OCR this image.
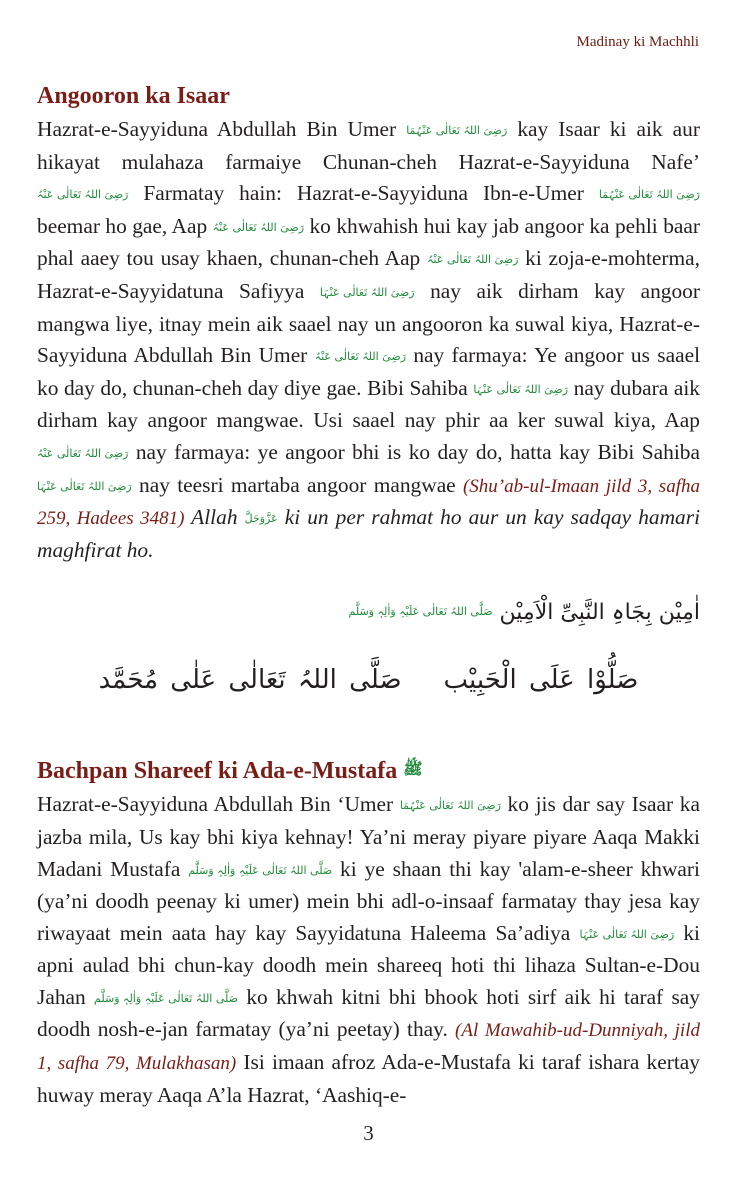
Madinay ki Machhli
Angooron ka Isaar

Hazrat-e-Sayyiduna Abdullah Bin Umer رَضِیَ اللہُ تَعَالٰی عَنْہُمَا kay Isaar ki aik aur hikayat mulahaza farmaiye Chunan-cheh Hazrat-e-Sayyiduna Nafe’ رَضِیَ اللہُ تَعَالٰی عَنْہُ Farmatay hain: Hazrat-e-Sayyiduna Ibn-e-Umer رَضِیَ اللہُ تَعَالٰی عَنْہُمَا beemar ho gae, Aap رَضِیَ اللہُ تَعَالٰی عَنْہُ ko khwahish hui kay jab angoor ka pehli baar phal aaey tou usay khaen, chunan-cheh Aap رَضِیَ اللہُ تَعَالٰی عَنْہُ ki zoja-e-mohterma, Hazrat-e-Sayyidatuna Safiyya رَضِیَ اللہُ تَعَالٰی عَنْہَا nay aik dirham kay angoor mangwa liye, itnay mein aik saael nay un angooron ka suwal kiya, Hazrat-e-Sayyiduna Abdullah Bin Umer رَضِیَ اللہُ تَعَالٰی عَنْہُ nay farmaya: Ye angoor us saael ko day do, chunan-cheh day diye gae. Bibi Sahiba رَضِیَ اللہُ تَعَالٰی عَنْہَا nay dubara aik dirham kay angoor mangwae. Usi saael nay phir aa ker suwal kiya, Aap رَضِیَ اللہُ تَعَالٰی عَنْہُ nay farmaya: ye angoor bhi is ko day do, hatta kay Bibi Sahiba رَضِیَ اللہُ تَعَالٰی عَنْہَا nay teesri martaba angoor mangwae (Shu’ab-ul-Imaan jild 3, safha 259, Hadees 3481) Allah عَزَّوَجَلَّ ki un per rahmat ho aur un kay sadqay hamari maghfirat ho.

اٰمِیْن بِجَاہِ النَّبِیِّ الْاَمِیْن صَلَّی اللہُ تَعَالٰی عَلَیْہِ وَاٰلِہٖ وَسَلَّم
صَلُّوْا عَلَی الْحَبِیْبصَلَّی اللہُ تَعَالٰی عَلٰی مُحَمَّد
Bachpan Shareef ki Ada-e-Mustafa ﷺ

Hazrat-e-Sayyiduna Abdullah Bin ‘Umer رَضِیَ اللہُ تَعَالٰی عَنْہُمَا ko jis dar say Isaar ka jazba mila, Us kay bhi kiya kehnay! Ya’ni meray piyare piyare Aaqa Makki Madani Mustafa صَلَّی اللہُ تَعَالٰی عَلَیْہِ وَاٰلِہٖ وَسَلَّم ki ye shaan thi kay 'alam-e-sheer khwari (ya’ni doodh peenay ki umer) mein bhi adl-o-insaaf farmatay thay jesa kay riwayaat mein aata hay kay Sayyidatuna Haleema Sa’adiya رَضِیَ اللہُ تَعَالٰی عَنْہَا ki apni aulad bhi chun-kay doodh mein shareeq hoti thi lihaza Sultan-e-Dou Jahan صَلَّی اللہُ تَعَالٰی عَلَیْہِ وَاٰلِہٖ وَسَلَّم ko khwah kitni bhi bhook hoti sirf aik hi taraf say doodh nosh-e-jan farmatay (ya’ni peetay) thay. (Al Mawahib-ud-Dunniyah, jild 1, safha 79, Mulakhasan) Isi imaan afroz Ada-e-Mustafa ki taraf ishara kertay huway meray Aaqa A’la Hazrat, ‘Aashiq-e-

3
